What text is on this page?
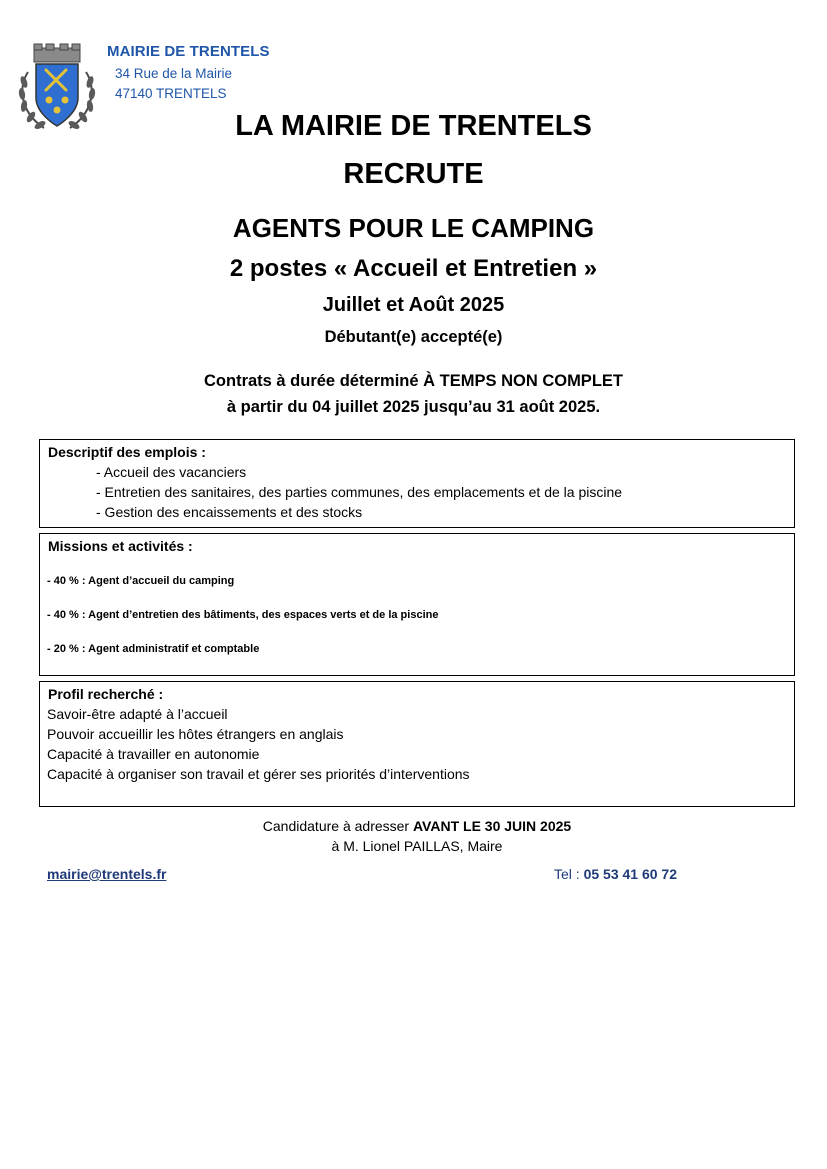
MAIRIE DE TRENTELS
34 Rue de la Mairie
47140 TRENTELS
LA MAIRIE DE TRENTELS
RECRUTE
AGENTS POUR LE CAMPING
2 postes « Accueil et Entretien »
Juillet et Août 2025
Débutant(e) accepté(e)
Contrats à durée déterminé À TEMPS NON COMPLET
à partir du 04 juillet 2025 jusqu’au 31 août 2025.
Descriptif des emplois :
- Accueil des vacanciers
- Entretien des sanitaires, des parties communes, des emplacements et de la piscine
- Gestion des encaissements et des stocks
Missions et activités :
- 40 % : Agent d’accueil du camping
- 40 % : Agent d’entretien des bâtiments, des espaces verts et de la piscine
- 20 % : Agent administratif et comptable
Profil recherché :
Savoir-être adapté à l’accueil
Pouvoir accueillir les hôtes étrangers en anglais
Capacité à travailler en autonomie
Capacité à organiser son travail et gérer ses priorités d’interventions
Candidature à adresser AVANT LE 30 JUIN 2025
à M. Lionel PAILLAS, Maire
mairie@trentels.fr	Tel : 05 53 41 60 72
